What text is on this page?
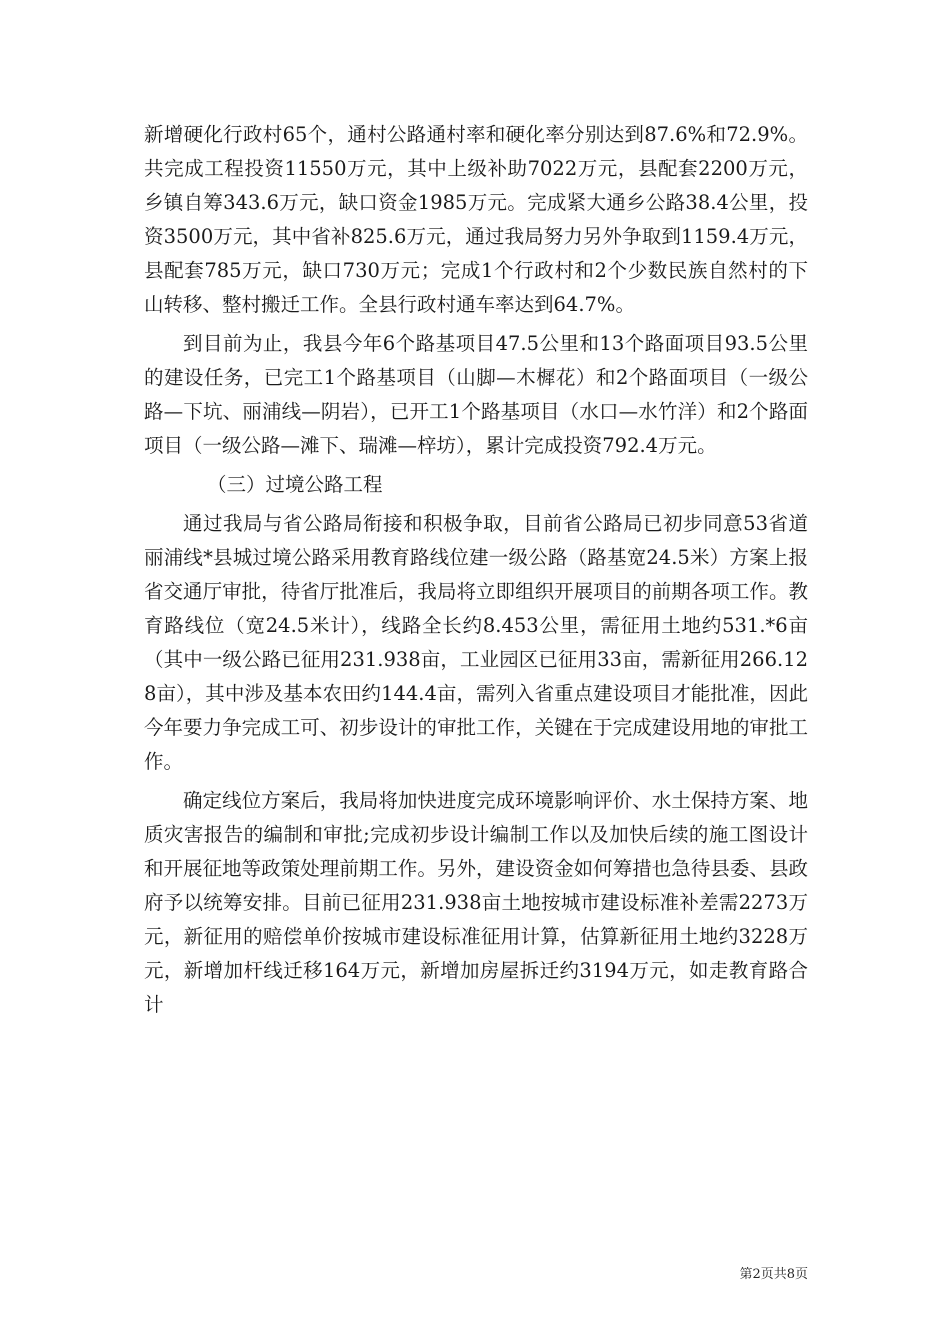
新增硬化行政村65个，通村公路通村率和硬化率分别达到87.6%和72.9%。共完成工程投资11550万元，其中上级补助7022万元，县配套2200万元，乡镇自筹343.6万元，缺口资金1985万元。完成紧大通乡公路38.4公里，投资3500万元，其中省补825.6万元，通过我局努力另外争取到1159.4万元，县配套785万元，缺口730万元；完成1个行政村和2个少数民族自然村的下山转移、整村搬迁工作。全县行政村通车率达到64.7%。

到目前为止，我县今年6个路基项目47.5公里和13个路面项目93.5公里的建设任务，已完工1个路基项目（山脚—木樨花）和2个路面项目（一级公路—下坑、丽浦线—阴岩），已开工1个路基项目（水口—水竹洋）和2个路面项目（一级公路—滩下、瑞滩—梓坊），累计完成投资792.4万元。

（三）过境公路工程

通过我局与省公路局衔接和积极争取，目前省公路局已初步同意53省道丽浦线*县城过境公路采用教育路线位建一级公路（路基宽24.5米）方案上报省交通厅审批，待省厅批准后，我局将立即组织开展项目的前期各项工作。教育路线位（宽24.5米计），线路全长约8.453公里，需征用土地约531.*6亩（其中一级公路已征用231.938亩，工业园区已征用33亩，需新征用266.128亩），其中涉及基本农田约144.4亩，需列入省重点建设项目才能批准，因此今年要力争完成工可、初步设计的审批工作，关键在于完成建设用地的审批工作。

确定线位方案后，我局将加快进度完成环境影响评价、水土保持方案、地质灾害报告的编制和审批;完成初步设计编制工作以及加快后续的施工图设计和开展征地等政策处理前期工作。另外，建设资金如何筹措也急待县委、县政府予以统筹安排。目前已征用231.938亩土地按城市建设标准补差需2273万元，新征用的赔偿单价按城市建设标准征用计算，估算新征用土地约3228万元，新增加杆线迁移164万元，新增加房屋拆迁约3194万元，如走教育路合计

第2页共8页
